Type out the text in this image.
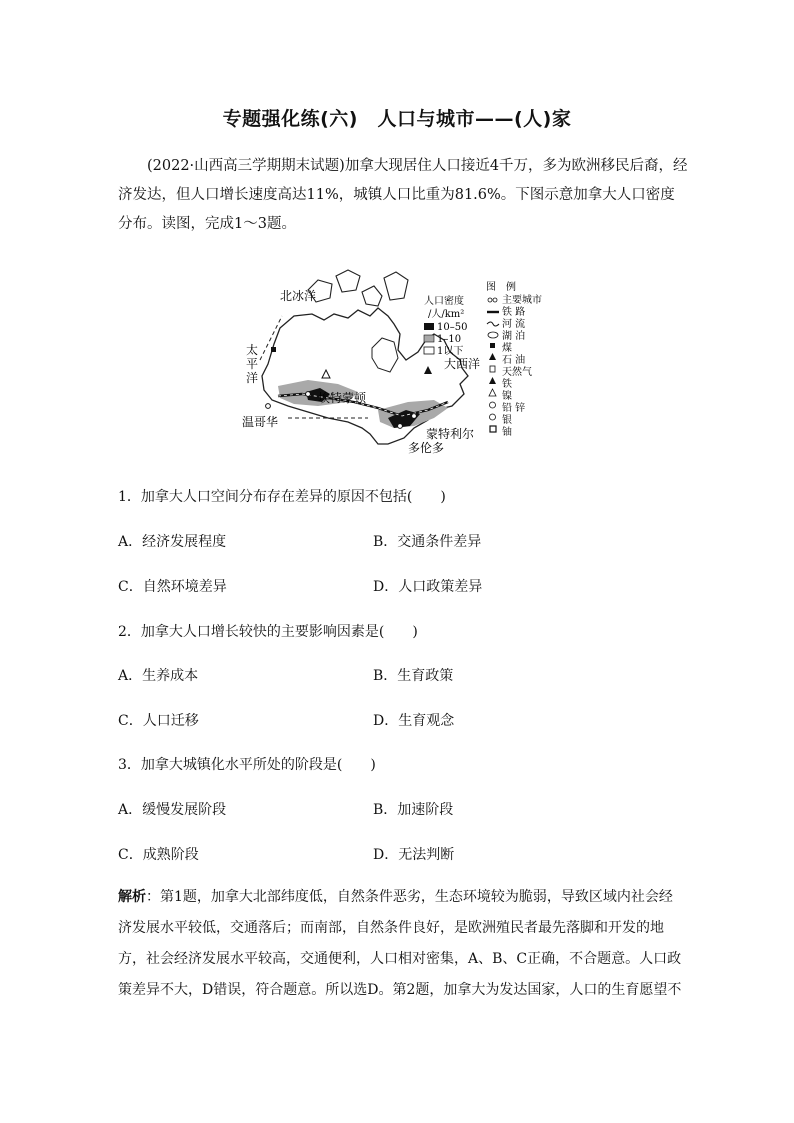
专题强化练(六)　人口与城市——(人)家
(2022·山西高三学期期末试题)加拿大现居住人口接近4千万，多为欧洲移民后裔，经济发达，但人口增长速度高达11%，城镇人口比重为81.6%。下图示意加拿大人口密度分布。读图，完成1～3题。
北冰洋
太
平
洋
大西洋
温哥华
埃特蒙顿
蒙特利尔
多伦多
人口密度
/人/km²
10–50
1–10
1以下
图　例
主要城市
铁 路
河 流
湖 泊
煤
石 油
天然气
铁
镍
铅 锌
银
铀
1．加拿大人口空间分布存在差异的原因不包括(　　)
A．经济发展程度	B．交通条件差异
C．自然环境差异	D．人口政策差异
2．加拿大人口增长较快的主要影响因素是(　　)
A．生养成本	B．生育政策
C．人口迁移	D．生育观念
3．加拿大城镇化水平所处的阶段是(　　)
A．缓慢发展阶段	B．加速阶段
C．成熟阶段	D．无法判断
解析：第1题，加拿大北部纬度低，自然条件恶劣，生态环境较为脆弱，导致区域内社会经济发展水平较低，交通落后；而南部，自然条件良好，是欧洲殖民者最先落脚和开发的地方，社会经济发展水平较高，交通便利，人口相对密集，A、B、C正确，不合题意。人口政策差异不大，D错误，符合题意。所以选D。第2题，加拿大为发达国家，人口的生育愿望不
